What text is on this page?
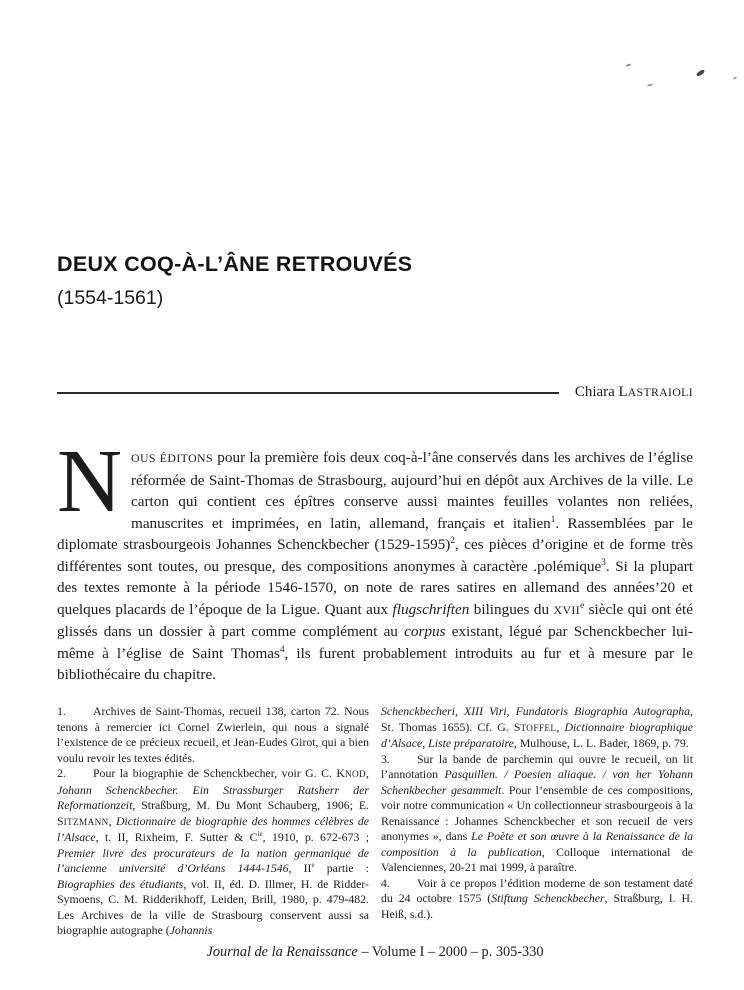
DEUX COQ-À-L’ÂNE RETROUVÉS
(1554-1561)
Chiara LASTRAIOLI

N OUS ÉDITONS pour la première fois deux coq-à-l’âne conservés dans les archives de l’église réformée de Saint-Thomas de Strasbourg, aujourd’hui en dépôt aux Archives de la ville. Le carton qui contient ces épîtres conserve aussi maintes feuilles volantes non reliées, manuscrites et imprimées, en latin, allemand, français et italien$^1$. Rassemblées par le diplomate strasbourgeois Johannes Schenckbecher (1529-1595)$^2$, ces pièces d’origine et de forme très différentes sont toutes, ou presque, des compositions anonymes à caractère .polémique$^3$. Si la plupart des textes remonte à la période 1546-1570, on note de rares satires en allemand des années’20 et quelques placards de l’époque de la Ligue. Quant aux flugschriften bilingues du XVIIe siècle qui ont été glissés dans un dossier à part comme complément au corpus existant, légué par Schenckbecher lui-même à l’église de Saint Thomas$^4$, ils furent probablement introduits au fur et à mesure par le bibliothécaire du chapitre.

1. Archives de Saint-Thomas, recueil 138, carton 72. Nous tenons à remercier ici Cornel Zwierlein, qui nous a signalé l’existence de ce précieux recueil, et Jean-Eudes Girot, qui a bien voulu revoir les textes édités.

2. Pour la biographie de Schenckbecher, voir G. C. KNOD, Johann Schenckbecher. Ein Strassburger Ratsherr der Reformationzeit, Straßburg, M. Du Mont Schauberg, 1906; E. SITZMANN, Dictionnaire de biographie des hommes célèbres de l’Alsace, t. II, Rixheim, F. Sutter & $C^{ie}$, 1910, p. 672-673 ; Premier livre des procurateurs de la nation germanique de l’ancienne université d’Orléans 1444-1546, IIe partie : Biographies des étudiants, vol. II, éd. D. Illmer, H. de Ridder-Symoens, C. M. Ridderikhoff, Leiden, Brill, 1980, p. 479-482. Les Archives de la ville de Strasbourg conservent aussi sa biographie autographe (Johannis

Schenckbecheri, XIII Viri, Fundatoris Biographia Autographa, St. Thomas 1655). Cf. G. STOFFEL, Dictionnaire biographique d’Alsace, Liste préparatoire, Mulhouse, L. L. Bader, 1869, p. 79.

3. Sur la bande de parchemin qui ouvre le recueil, on lit l’annotation Pasquillen. / Poesien aliaque. / von her Yohann Schenkbecher gesammelt. Pour l’ensemble de ces compositions, voir notre communication « Un collectionneur strasbourgeois à la Renaissance : Johannes Schenckbecher et son recueil de vers anonymes », dans Le Poète et son œuvre à la Renaissance de la composition à la publication, Colloque international de Valenciennes, 20-21 mai 1999, à paraître.

4. Voir à ce propos l’édition moderne de son testament daté du 24 octobre 1575 (Stiftung Schenckbecher, Straßburg, I. H. Heiß, s.d.).

Journal de la Renaissance – Volume I – 2000 – p. 305-330
